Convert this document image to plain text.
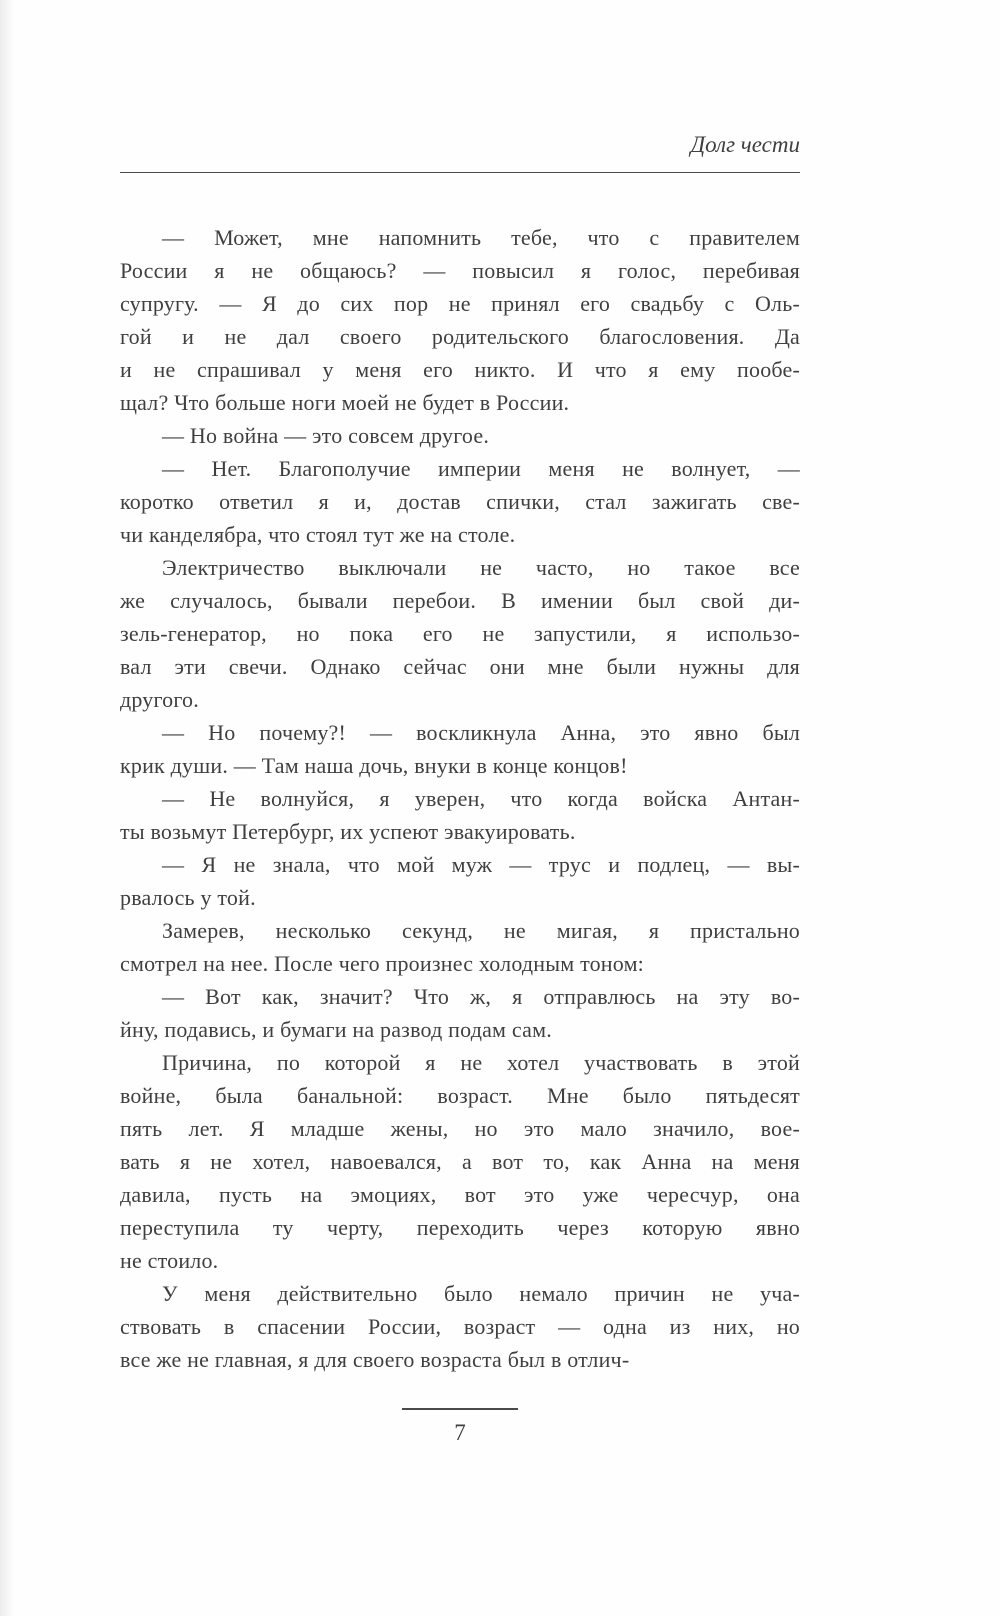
Долг чести

— Может, мне напомнить тебе, что с правителем
России я не общаюсь? — повысил я голос, перебивая
супругу. — Я до сих пор не принял его свадьбу с Оль-
гой и не дал своего родительского благословения. Да
и не спрашивал у меня его никто. И что я ему пообе-
щал? Что больше ноги моей не будет в России.

— Но война — это совсем другое.

— Нет. Благополучие империи меня не волнует, —
коротко ответил я и, достав спички, стал зажигать све-
чи канделябра, что стоял тут же на столе.

Электричество выключали не часто, но такое все
же случалось, бывали перебои. В имении был свой ди-
зель-генератор, но пока его не запустили, я использо-
вал эти свечи. Однако сейчас они мне были нужны для
другого.

— Но почему?! — воскликнула Анна, это явно был
крик души. — Там наша дочь, внуки в конце концов!

— Не волнуйся, я уверен, что когда войска Антан-
ты возьмут Петербург, их успеют эвакуировать.

— Я не знала, что мой муж — трус и подлец, — вы-
рвалось у той.

Замерев, несколько секунд, не мигая, я пристально
смотрел на нее. После чего произнес холодным тоном:

— Вот как, значит? Что ж, я отправлюсь на эту во-
йну, подавись, и бумаги на развод подам сам.

Причина, по которой я не хотел участвовать в этой
войне, была банальной: возраст. Мне было пятьдесят
пять лет. Я младше жены, но это мало значило, вое-
вать я не хотел, навоевался, а вот то, как Анна на меня
давила, пусть на эмоциях, вот это уже чересчур, она
переступила ту черту, переходить через которую явно
не стоило.

У меня действительно было немало причин не уча-
ствовать в спасении России, возраст — одна из них, но
все же не главная, я для своего возраста был в отлич-

7
